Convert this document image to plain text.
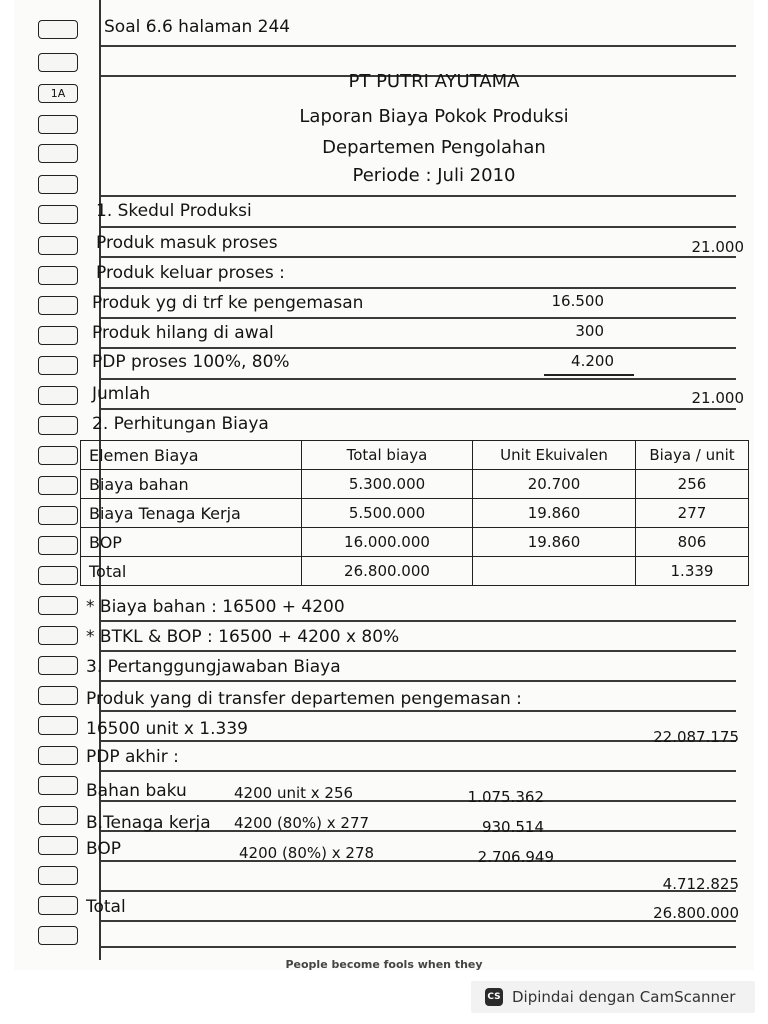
1A
Soal 6.6 halaman 244
PT PUTRI AYUTAMA
Laporan Biaya Pokok Produksi
Departemen Pengolahan
Periode : Juli 2010
1. Skedul Produksi
Produk masuk proses	21.000
Produk keluar proses :
Produk yg di trf ke pengemasan	16.500
Produk hilang di awal	300
PDP proses 100%, 80%	4.200
Jumlah	21.000
2. Perhitungan Biaya
Elemen Biaya	Total biaya	Unit Ekuivalen	Biaya / unit
Biaya bahan	5.300.000	20.700	256
Biaya Tenaga Kerja	5.500.000	19.860	277
BOP	16.000.000	19.860	806
Total	26.800.000		1.339
* Biaya bahan : 16500 + 4200
* BTKL & BOP : 16500 + 4200 x 80%
3. Pertanggungjawaban Biaya
Produk yang di transfer departemen pengemasan :
16500 unit x 1.339	22.087.175
PDP akhir :
Bahan baku	4200 unit x 256	1.075.362
B.Tenaga kerja 4200 (80%) x 277	930.514
BOP	4200 (80%) x 278	2.706.949
4.712.825
Total	26.800.000
People become fools when they
CS Dipindai dengan CamScanner
